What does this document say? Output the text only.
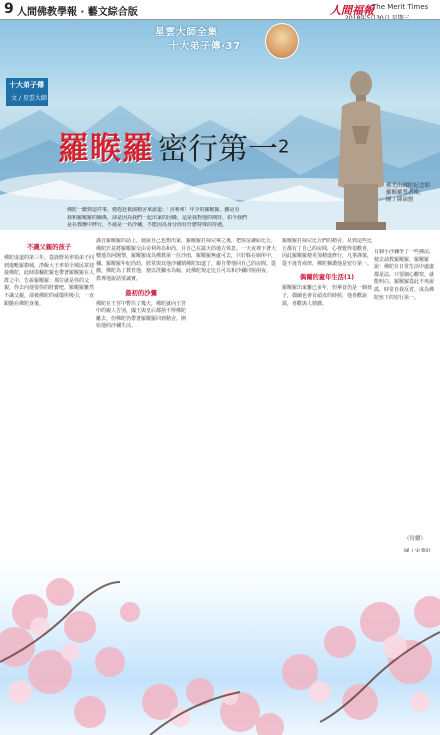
9 人間佛教學報 · 藝文綜合版	人間福報
The Merit Times
星雲大師全集
十大弟子傳‧37
十大弟子傳
文 / 星雲大師
羅睺羅 密行第一2
佛光山佛陀紀念館
羅睺羅尊者像。
圖 / 陳碩賢

佛陀一聽到這件事，便趕赴祇園精舍來說道：「舍利弗！年少的羅睺羅，雖是有

我和羅睺羅的關係，卻是因為我們一起出家的因緣，這是我對他的期待，如今我們

是在教團中修行，不過是一名沙彌，不能因為身分而有什麼特殊的待遇。

不識父親的孩子

佛陀成道的第三年，從鹿野苑率領弟子回到迦毗羅衛城，淨飯大王率領全城民眾迎接佛陀，此時耶輸陀羅也帶著羅睺羅在人群之中，告訴羅睺羅：那位就是你的父親，你去向他要你的財寶吧。羅睺羅雖然不識父親，卻被佛陀的威儀所吸引，一直跟隨在佛陀身後。

滿自羅睺羅的話上，她說自己也想出家，佛陀於是將羅睺羅交由舍利弗為和尚、目犍連為阿闍黎，羅睺羅成為佛教第一位沙彌。羅睺羅年紀尚幼，經常與其他沙彌嬉戲，佛陀為了教育他，便以洗腳水為喻，教導他說話要誠實。

最初的沙彌

佛陀在王宮中暫住了幾天，佛陀就向王宮中的親人告別，國王與皇后都捨不得佛陀離去，但佛陀仍帶著羅睺羅回到精舍，開始他的沙彌生活。

羅睺羅打掃完畢之後，把宿房讓給比丘，自己在露天的地方休息。一天夜裡下著大雨，羅睺羅無處可去，只好躲在廁所中，佛陀知道了，親自帶他回自己的房間。從此佛陀規定比丘可以和沙彌同宿兩夜。

羅睺羅打掃完比丘們的精舍，見到這些比丘都有了自己的房間，心裡覺得很歡喜，因此羅睺羅便更加精進修行，凡事謹慎，從不違背戒律，佛陀稱讚他是密行第一。

偶爾的童年生活(1)

羅睺羅出家雖已多年，但畢竟仍是一個孩子，偶爾也會有頑皮的時候，他喜歡說謊，喜歡與人嬉戲。

有個小沙彌學了一些佛法，便去請教羅睺羅，羅睺羅說：佛陀在日常生活中處處都是法，只要細心觀察，就能明白。羅睺羅從此不再說謊，時常自我反省，成為佛陀座下的密行第一。

（待續）
